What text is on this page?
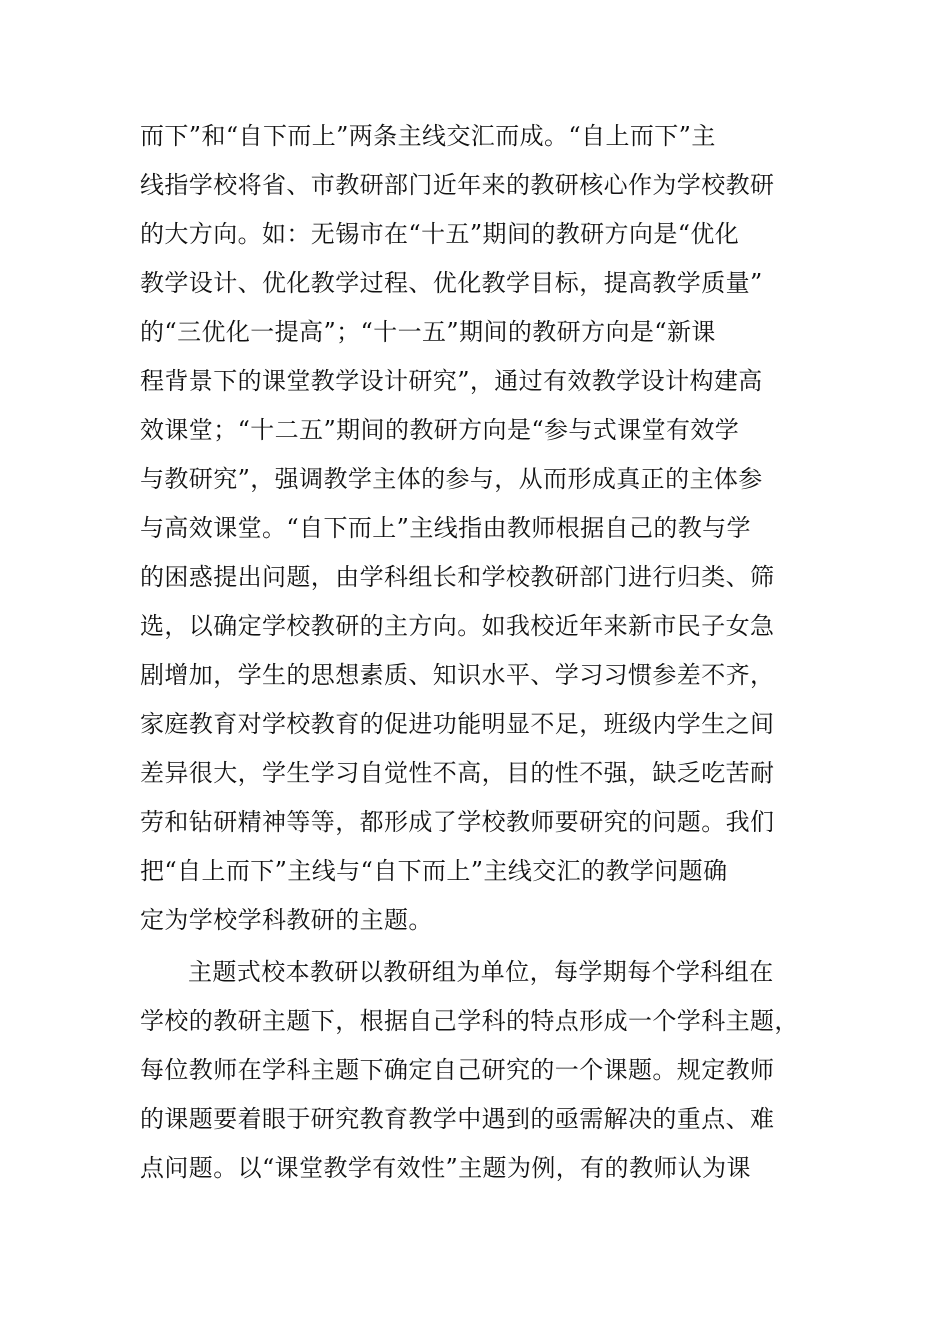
而下”和“自下而上”两条主线交汇而成。“自上而下”主
线指学校将省、市教研部门近年来的教研核心作为学校教研
的大方向。如：无锡市在“十五”期间的教研方向是“优化
教学设计、优化教学过程、优化教学目标，提高教学质量”
的“三优化一提高”；“十一五”期间的教研方向是“新课
程背景下的课堂教学设计研究”，通过有效教学设计构建高
效课堂；“十二五”期间的教研方向是“参与式课堂有效学
与教研究”，强调教学主体的参与，从而形成真正的主体参
与高效课堂。“自下而上”主线指由教师根据自己的教与学
的困惑提出问题，由学科组长和学校教研部门进行归类、筛
选，以确定学校教研的主方向。如我校近年来新市民子女急
剧增加，学生的思想素质、知识水平、学习习惯参差不齐，
家庭教育对学校教育的促进功能明显不足，班级内学生之间
差异很大，学生学习自觉性不高，目的性不强，缺乏吃苦耐
劳和钻研精神等等，都形成了学校教师要研究的问题。我们
把“自上而下”主线与“自下而上”主线交汇的教学问题确
定为学校学科教研的主题。
主题式校本教研以教研组为单位，每学期每个学科组在
学校的教研主题下，根据自己学科的特点形成一个学科主题，
每位教师在学科主题下确定自己研究的一个课题。规定教师
的课题要着眼于研究教育教学中遇到的亟需解决的重点、难
点问题。以“课堂教学有效性”主题为例，有的教师认为课
